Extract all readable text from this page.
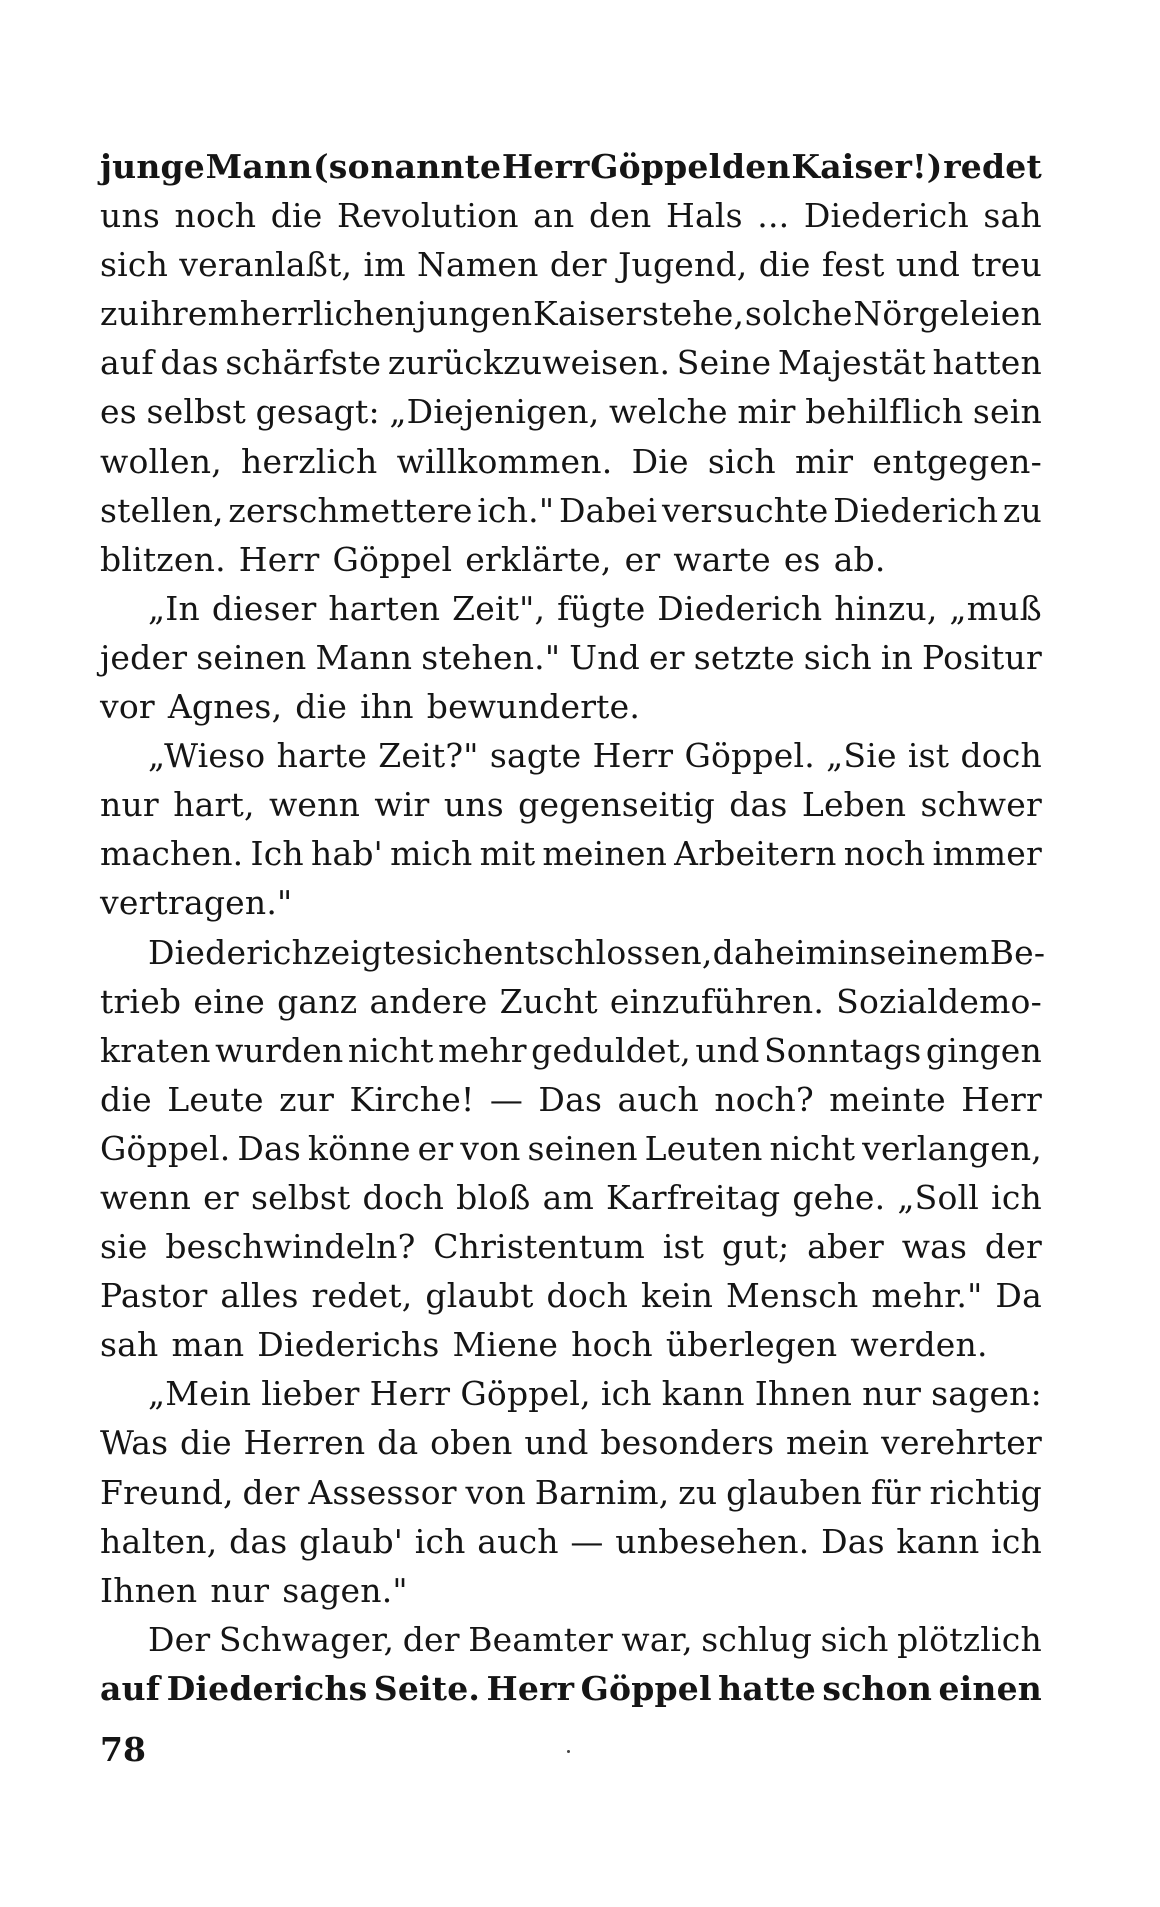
junge Mann (so nannte Herr Göppel den Kaiser!) redet
uns noch die Revolution an den Hals ... Diederich sah
sich veranlaßt, im Namen der Jugend, die fest und treu
zu ihrem herrlichen jungen Kaiser stehe, solche Nörgeleien
auf das schärfste zurückzuweisen. Seine Majestät hatten
es selbst gesagt: „Diejenigen, welche mir behilflich sein
wollen, herzlich willkommen. Die sich mir entgegen-
stellen, zerschmettere ich." Dabei versuchte Diederich zu
blitzen. Herr Göppel erklärte, er warte es ab.
„In dieser harten Zeit", fügte Diederich hinzu, „muß
jeder seinen Mann stehen." Und er setzte sich in Positur
vor Agnes, die ihn bewunderte.
„Wieso harte Zeit?" sagte Herr Göppel. „Sie ist doch
nur hart, wenn wir uns gegenseitig das Leben schwer
machen. Ich hab' mich mit meinen Arbeitern noch immer
vertragen."
Diederich zeigte sich entschlossen, daheim in seinem Be-
trieb eine ganz andere Zucht einzuführen. Sozialdemo-
kraten wurden nicht mehr geduldet, und Sonntags gingen
die Leute zur Kirche! — Das auch noch? meinte Herr
Göppel. Das könne er von seinen Leuten nicht verlangen,
wenn er selbst doch bloß am Karfreitag gehe. „Soll ich
sie beschwindeln? Christentum ist gut; aber was der
Pastor alles redet, glaubt doch kein Mensch mehr." Da
sah man Diederichs Miene hoch überlegen werden.
„Mein lieber Herr Göppel, ich kann Ihnen nur sagen:
Was die Herren da oben und besonders mein verehrter
Freund, der Assessor von Barnim, zu glauben für richtig
halten, das glaub' ich auch — unbesehen. Das kann ich
Ihnen nur sagen."
Der Schwager, der Beamter war, schlug sich plötzlich
auf Diederichs Seite. Herr Göppel hatte schon einen
78
